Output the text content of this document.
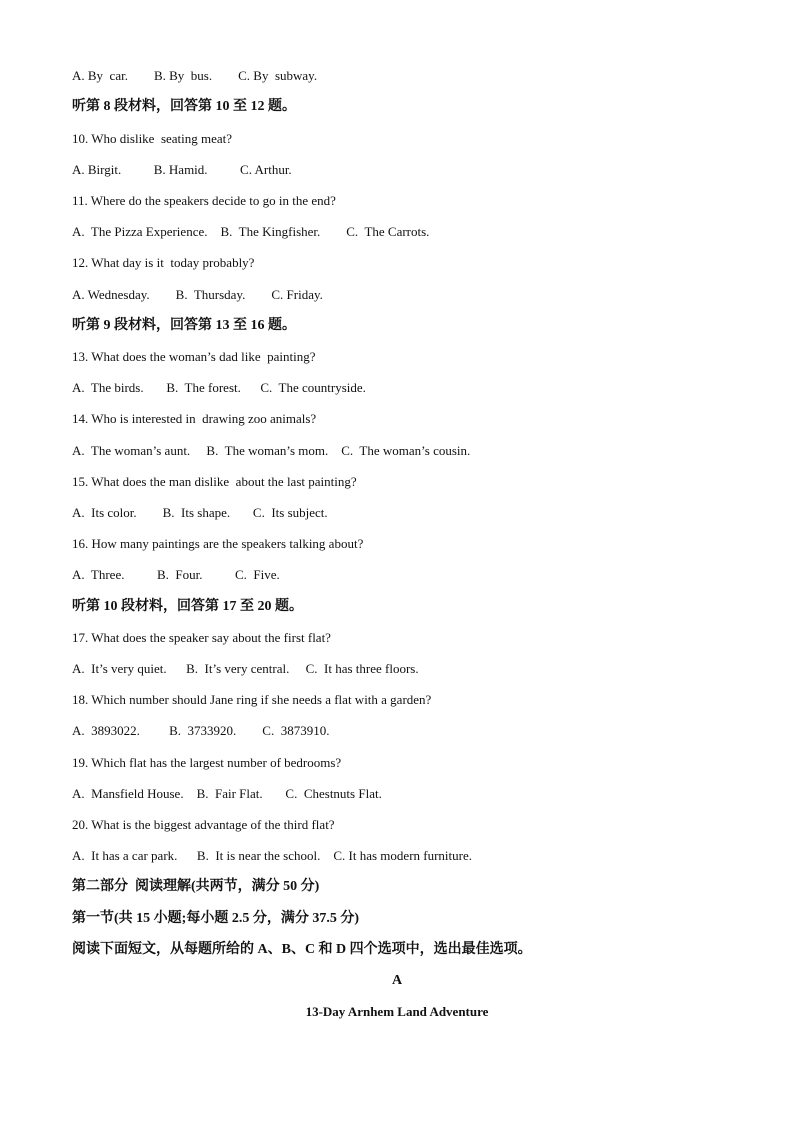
A. By  car.        B. By  bus.        C. By  subway.
听第 8 段材料，回答第 10 至 12 题。
10. Who dislike  seating meat?
A. Birgit.          B. Hamid.          C. Arthur.
11. Where do the speakers decide to go in the end?
A.  The Pizza Experience.    B.  The Kingfisher.        C.  The Carrots.
12. What day is it  today probably?
A. Wednesday.        B.  Thursday.        C. Friday.
听第 9 段材料，回答第 13 至 16 题。
13. What does the woman’s dad like  painting?
A.  The birds.       B.  The forest.      C.  The countryside.
14. Who is interested in  drawing zoo animals?
A.  The woman’s aunt.     B.  The woman’s mom.    C.  The woman’s cousin.
15. What does the man dislike  about the last painting?
A.  Its color.        B.  Its shape.       C.  Its subject.
16. How many paintings are the speakers talking about?
A.  Three.          B.  Four.          C.  Five.
听第 10 段材料，回答第 17 至 20 题。
17. What does the speaker say about the first flat?
A.  It’s very quiet.      B.  It’s very central.     C.  It has three floors.
18. Which number should Jane ring if she needs a flat with a garden?
A.  3893022.         B.  3733920.        C.  3873910.
19. Which flat has the largest number of bedrooms?
A.  Mansfield House.    B.  Fair Flat.       C.  Chestnuts Flat.
20. What is the biggest advantage of the third flat?
A.  It has a car park.      B.  It is near the school.    C. It has modern furniture.
第二部分  阅读理解(共两节，满分 50 分)
第一节(共 15 小题;每小题 2.5 分，满分 37.5 分)
阅读下面短文，从每题所给的 A、B、C 和 D 四个选项中，选出最佳选项。
A
13-Day Arnhem Land Adventure
